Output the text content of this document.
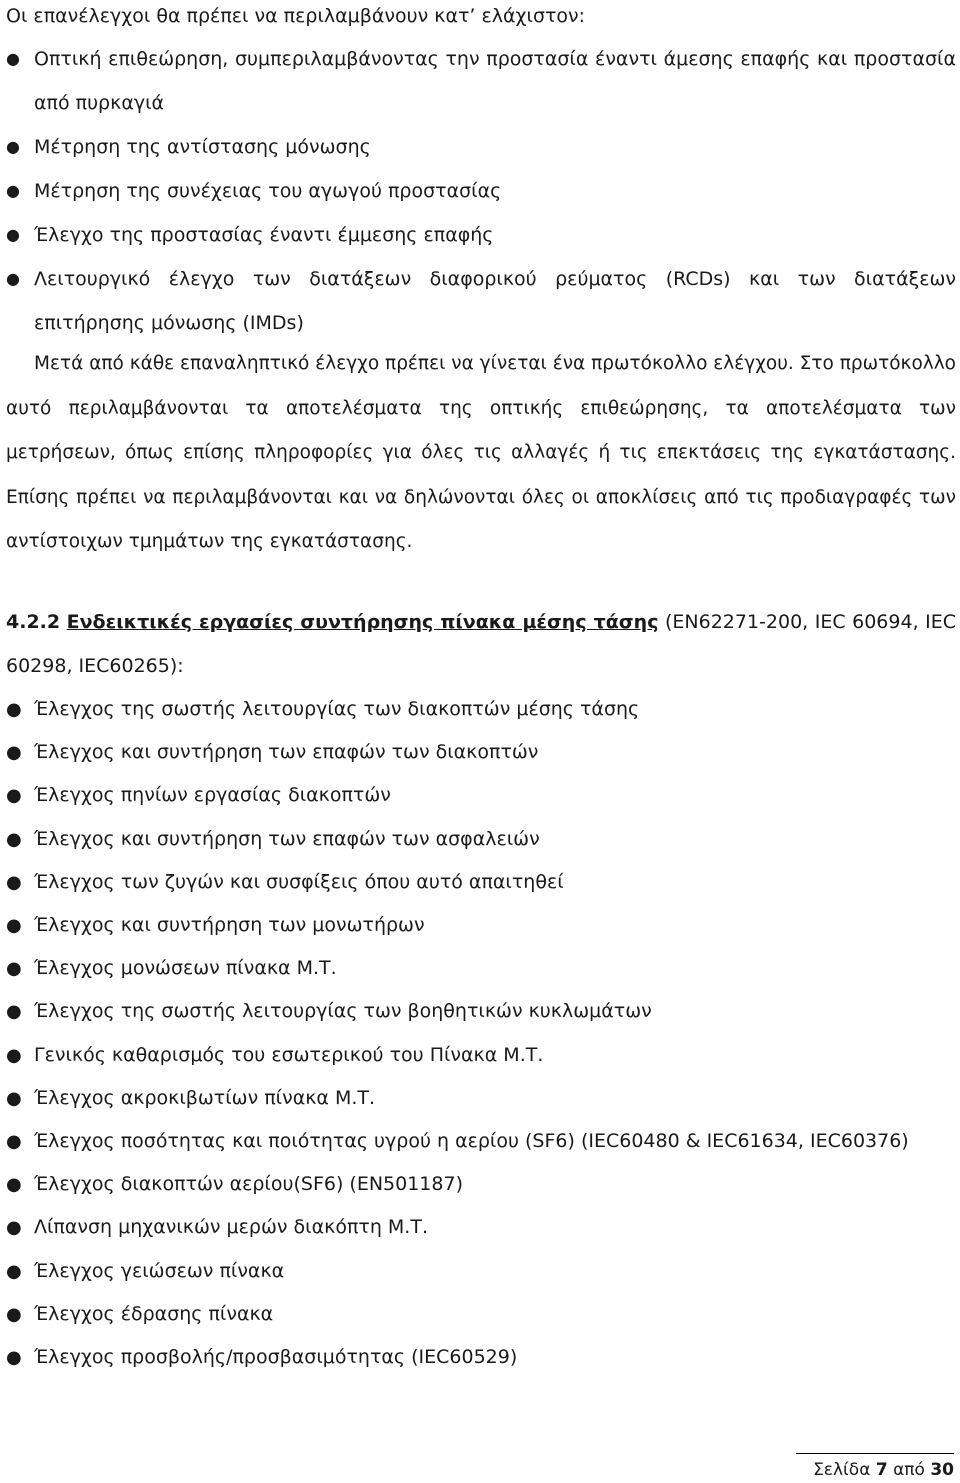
Οι επανέλεγχοι θα πρέπει να περιλαμβάνουν κατ’ ελάχιστον:
● Οπτική επιθεώρηση, συμπεριλαμβάνοντας την προστασία έναντι άμεσης επαφής και προστασία από πυρκαγιά
● Μέτρηση της αντίστασης μόνωσης
● Μέτρηση της συνέχειας του αγωγού προστασίας
● Έλεγχο της προστασίας έναντι έμμεσης επαφής
● Λειτουργικό έλεγχο των διατάξεων διαφορικού ρεύματος (RCDs) και των διατάξεων επιτήρησης μόνωσης (IMDs)

Μετά από κάθε επαναληπτικό έλεγχο πρέπει να γίνεται ένα πρωτόκολλο ελέγχου. Στο πρωτόκολλο αυτό περιλαμβάνονται τα αποτελέσματα της οπτικής επιθεώρησης, τα αποτελέσματα των μετρήσεων, όπως επίσης πληροφορίες για όλες τις αλλαγές ή τις επεκτάσεις της εγκατάστασης. Επίσης πρέπει να περιλαμβάνονται και να δηλώνονται όλες οι αποκλίσεις από τις προδιαγραφές των αντίστοιχων τμημάτων της εγκατάστασης.

4.2.2 Ενδεικτικές εργασίες συντήρησης πίνακα μέσης τάσης (EN62271-200, IEC 60694, IEC 60298, IEC60265):
● Έλεγχος της σωστής λειτουργίας των διακοπτών μέσης τάσης
● Έλεγχος και συντήρηση των επαφών των διακοπτών
● Έλεγχος πηνίων εργασίας διακοπτών
● Έλεγχος και συντήρηση των επαφών των ασφαλειών
● Έλεγχος των ζυγών και συσφίξεις όπου αυτό απαιτηθεί
● Έλεγχος και συντήρηση των μονωτήρων
● Έλεγχος μονώσεων πίνακα Μ.Τ.
● Έλεγχος της σωστής λειτουργίας των βοηθητικών κυκλωμάτων
● Γενικός καθαρισμός του εσωτερικού του Πίνακα Μ.Τ.
● Έλεγχος ακροκιβωτίων πίνακα Μ.Τ.
● Έλεγχος ποσότητας και ποιότητας υγρού η αερίου (SF6) (IEC60480 & IEC61634, IEC60376)
● Έλεγχος διακοπτών αερίου(SF6) (EN501187)
● Λίπανση μηχανικών μερών διακόπτη Μ.Τ.
● Έλεγχος γειώσεων πίνακα
● Έλεγχος έδρασης πίνακα
● Έλεγχος προσβολής/προσβασιμότητας (IEC60529)
Σελίδα 7 από 30
